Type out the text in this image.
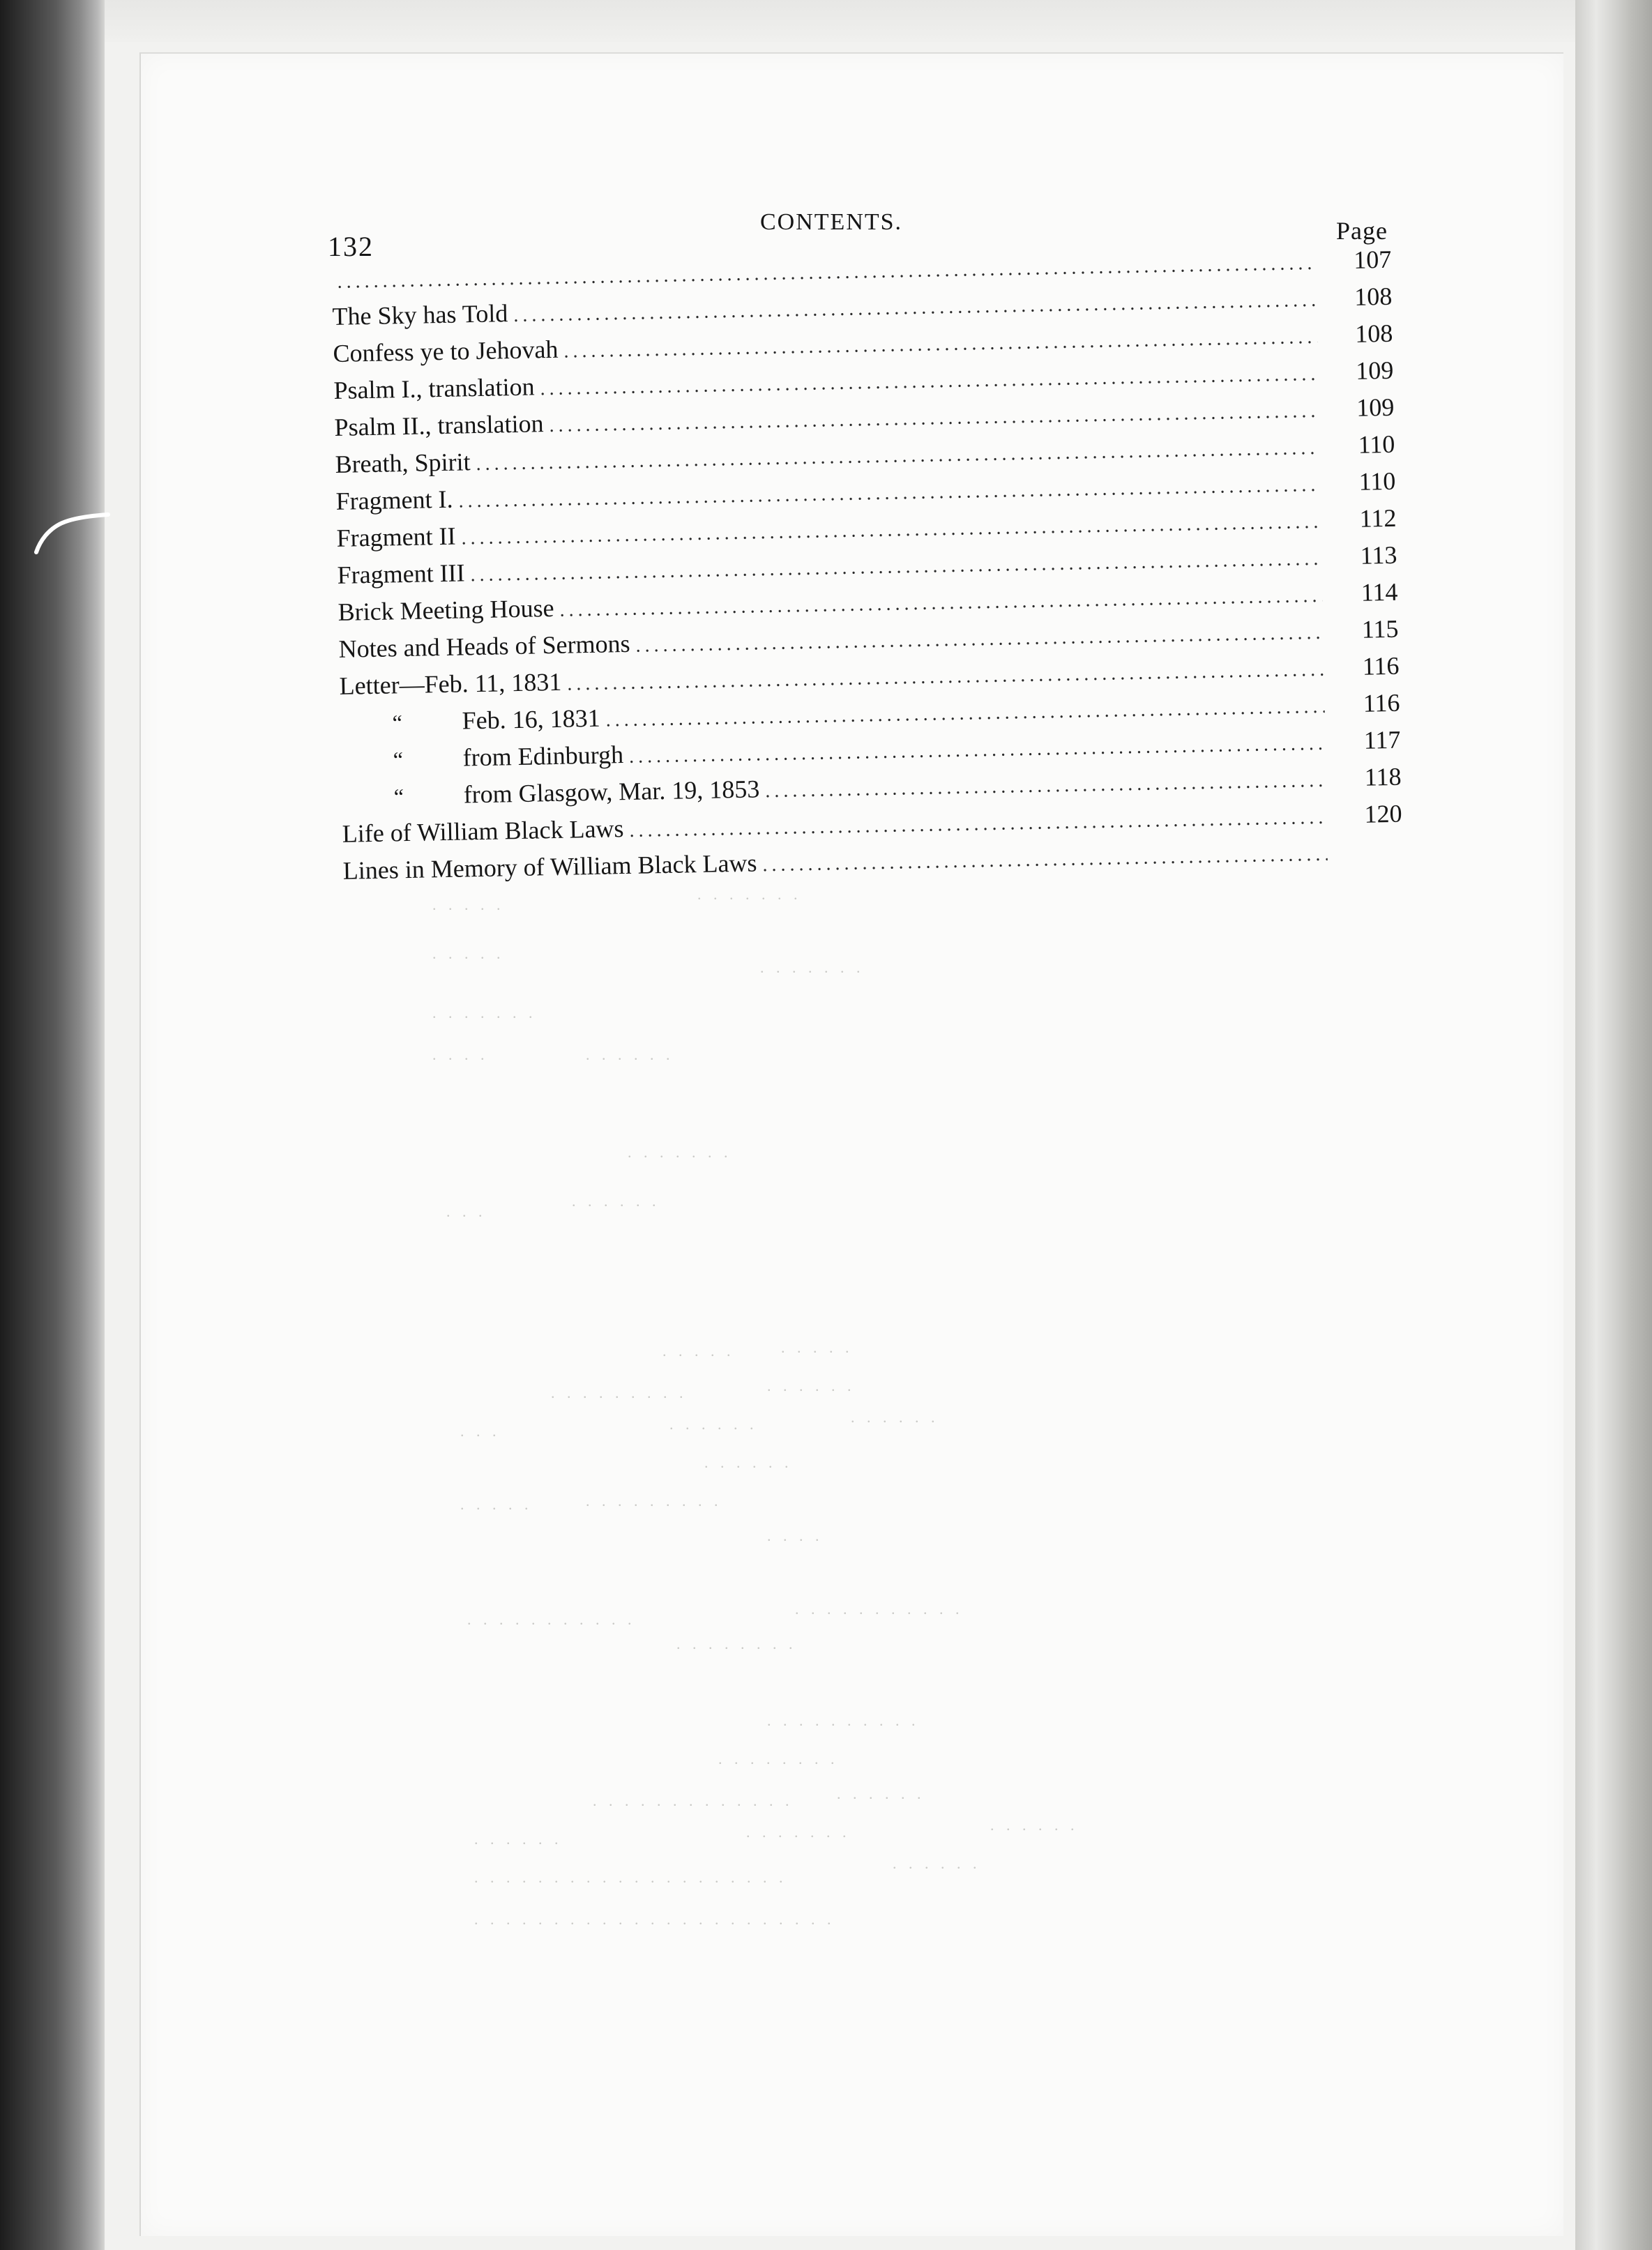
132
CONTENTS.	Page
.....
107
The Sky has Told
.....
108
Confess ye to Jehovah
.....
108
Psalm I., translation
.....
109
Psalm II., translation
.....
109
Breath, Spirit
.....
110
Fragment I.
.....
110
Fragment II
.....
112
Fragment III
.....
113
Brick Meeting House
.....
114
Notes and Heads of Sermons
.....
115
Letter—Feb. 11, 1831
.....
116
“ Feb. 16, 1831
.....
116
“ from Edinburgh
.....
117
“ from Glasgow, Mar. 19, 1853
.....	118
Life of William Black Laws
.....
120
Lines in Memory of William Black Laws
.....
. . . . .
. . . . . . .
. . . . .
. . . . . . .
. . . . . . .
. . . .	. . . . . .
. . . . . . .
. . . . . .
. . .
. . . . .	. . . . .
. . . . . . . . .	. . . . . .
. . .	. . . . . .	. . . . . .
. . . . . .
. . . . .	. . . . . . . . .
. . . .
. . . . . . . . . . .
. . . . . . . . . . .
. . . . . . . .
. . . . . . . . . .
. . . . . . . .
. . . . . . . . . . . . .	. . . . . .
. . . . . .	. . . . . . .	. . . . . .
. . . . . . . . . . . . . . . . . . . .
. . . . . .
. . . . . . . . . . . . . . . . . . . . . . .
